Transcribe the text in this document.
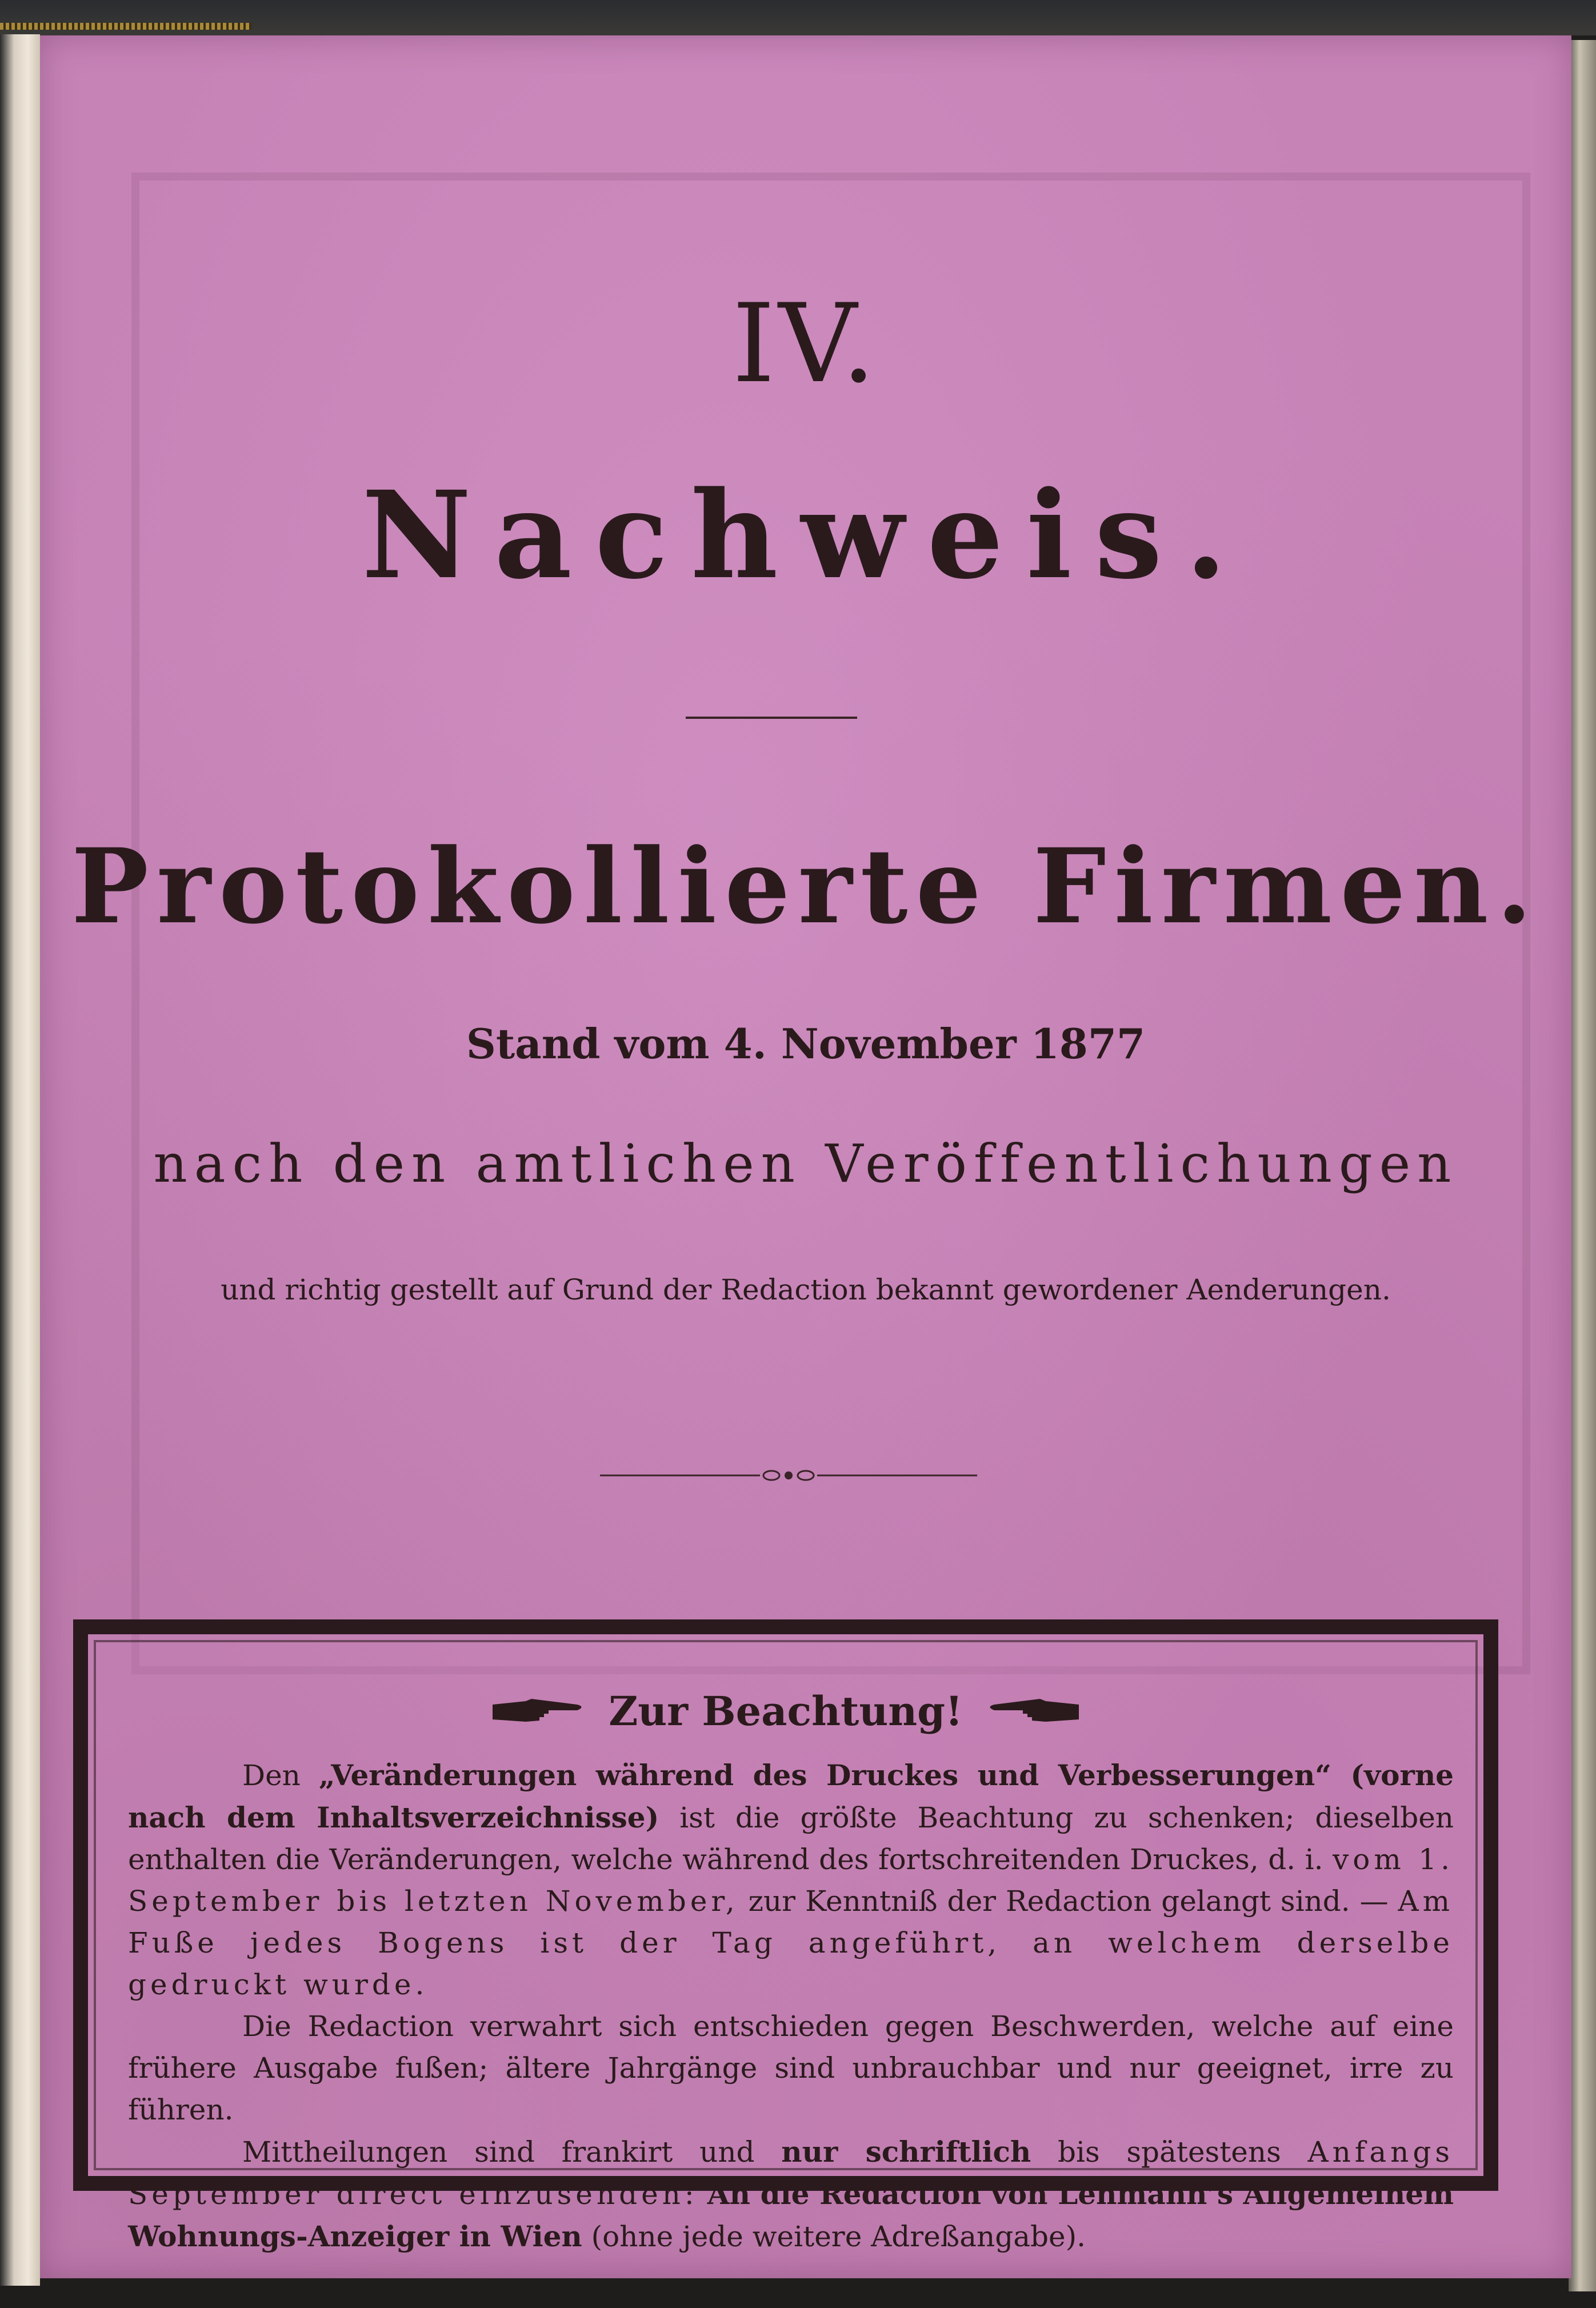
IV.
Nachweis.
Protokollierte Firmen.
Stand vom 4. November 1877
nach den amtlichen Veröffentlichungen
und richtig gestellt auf Grund der Redaction bekannt gewordener Aenderungen.
Zur Beachtung!

Den „Veränderungen während des Druckes und Verbesserungen“ (vorne nach dem Inhaltsverzeichnisse) ist die größte Beachtung zu schenken; dieselben enthalten die Veränderungen, welche während des fortschreitenden Druckes, d. i. vom 1. September bis letzten November, zur Kenntniß der Redaction gelangt sind. — Am Fuße jedes Bogens ist der Tag angeführt, an welchem derselbe gedruckt wurde.

Die Redaction verwahrt sich entschieden gegen Beschwerden, welche auf eine frühere Ausgabe fußen; ältere Jahrgänge sind unbrauchbar und nur geeignet, irre zu führen.

Mittheilungen sind frankirt und nur schriftlich bis spätestens Anfangs September direct einzusenden: An die Redaction von Lehmann’s Allgemeinem Wohnungs-Anzeiger in Wien (ohne jede weitere Adreßangabe).
